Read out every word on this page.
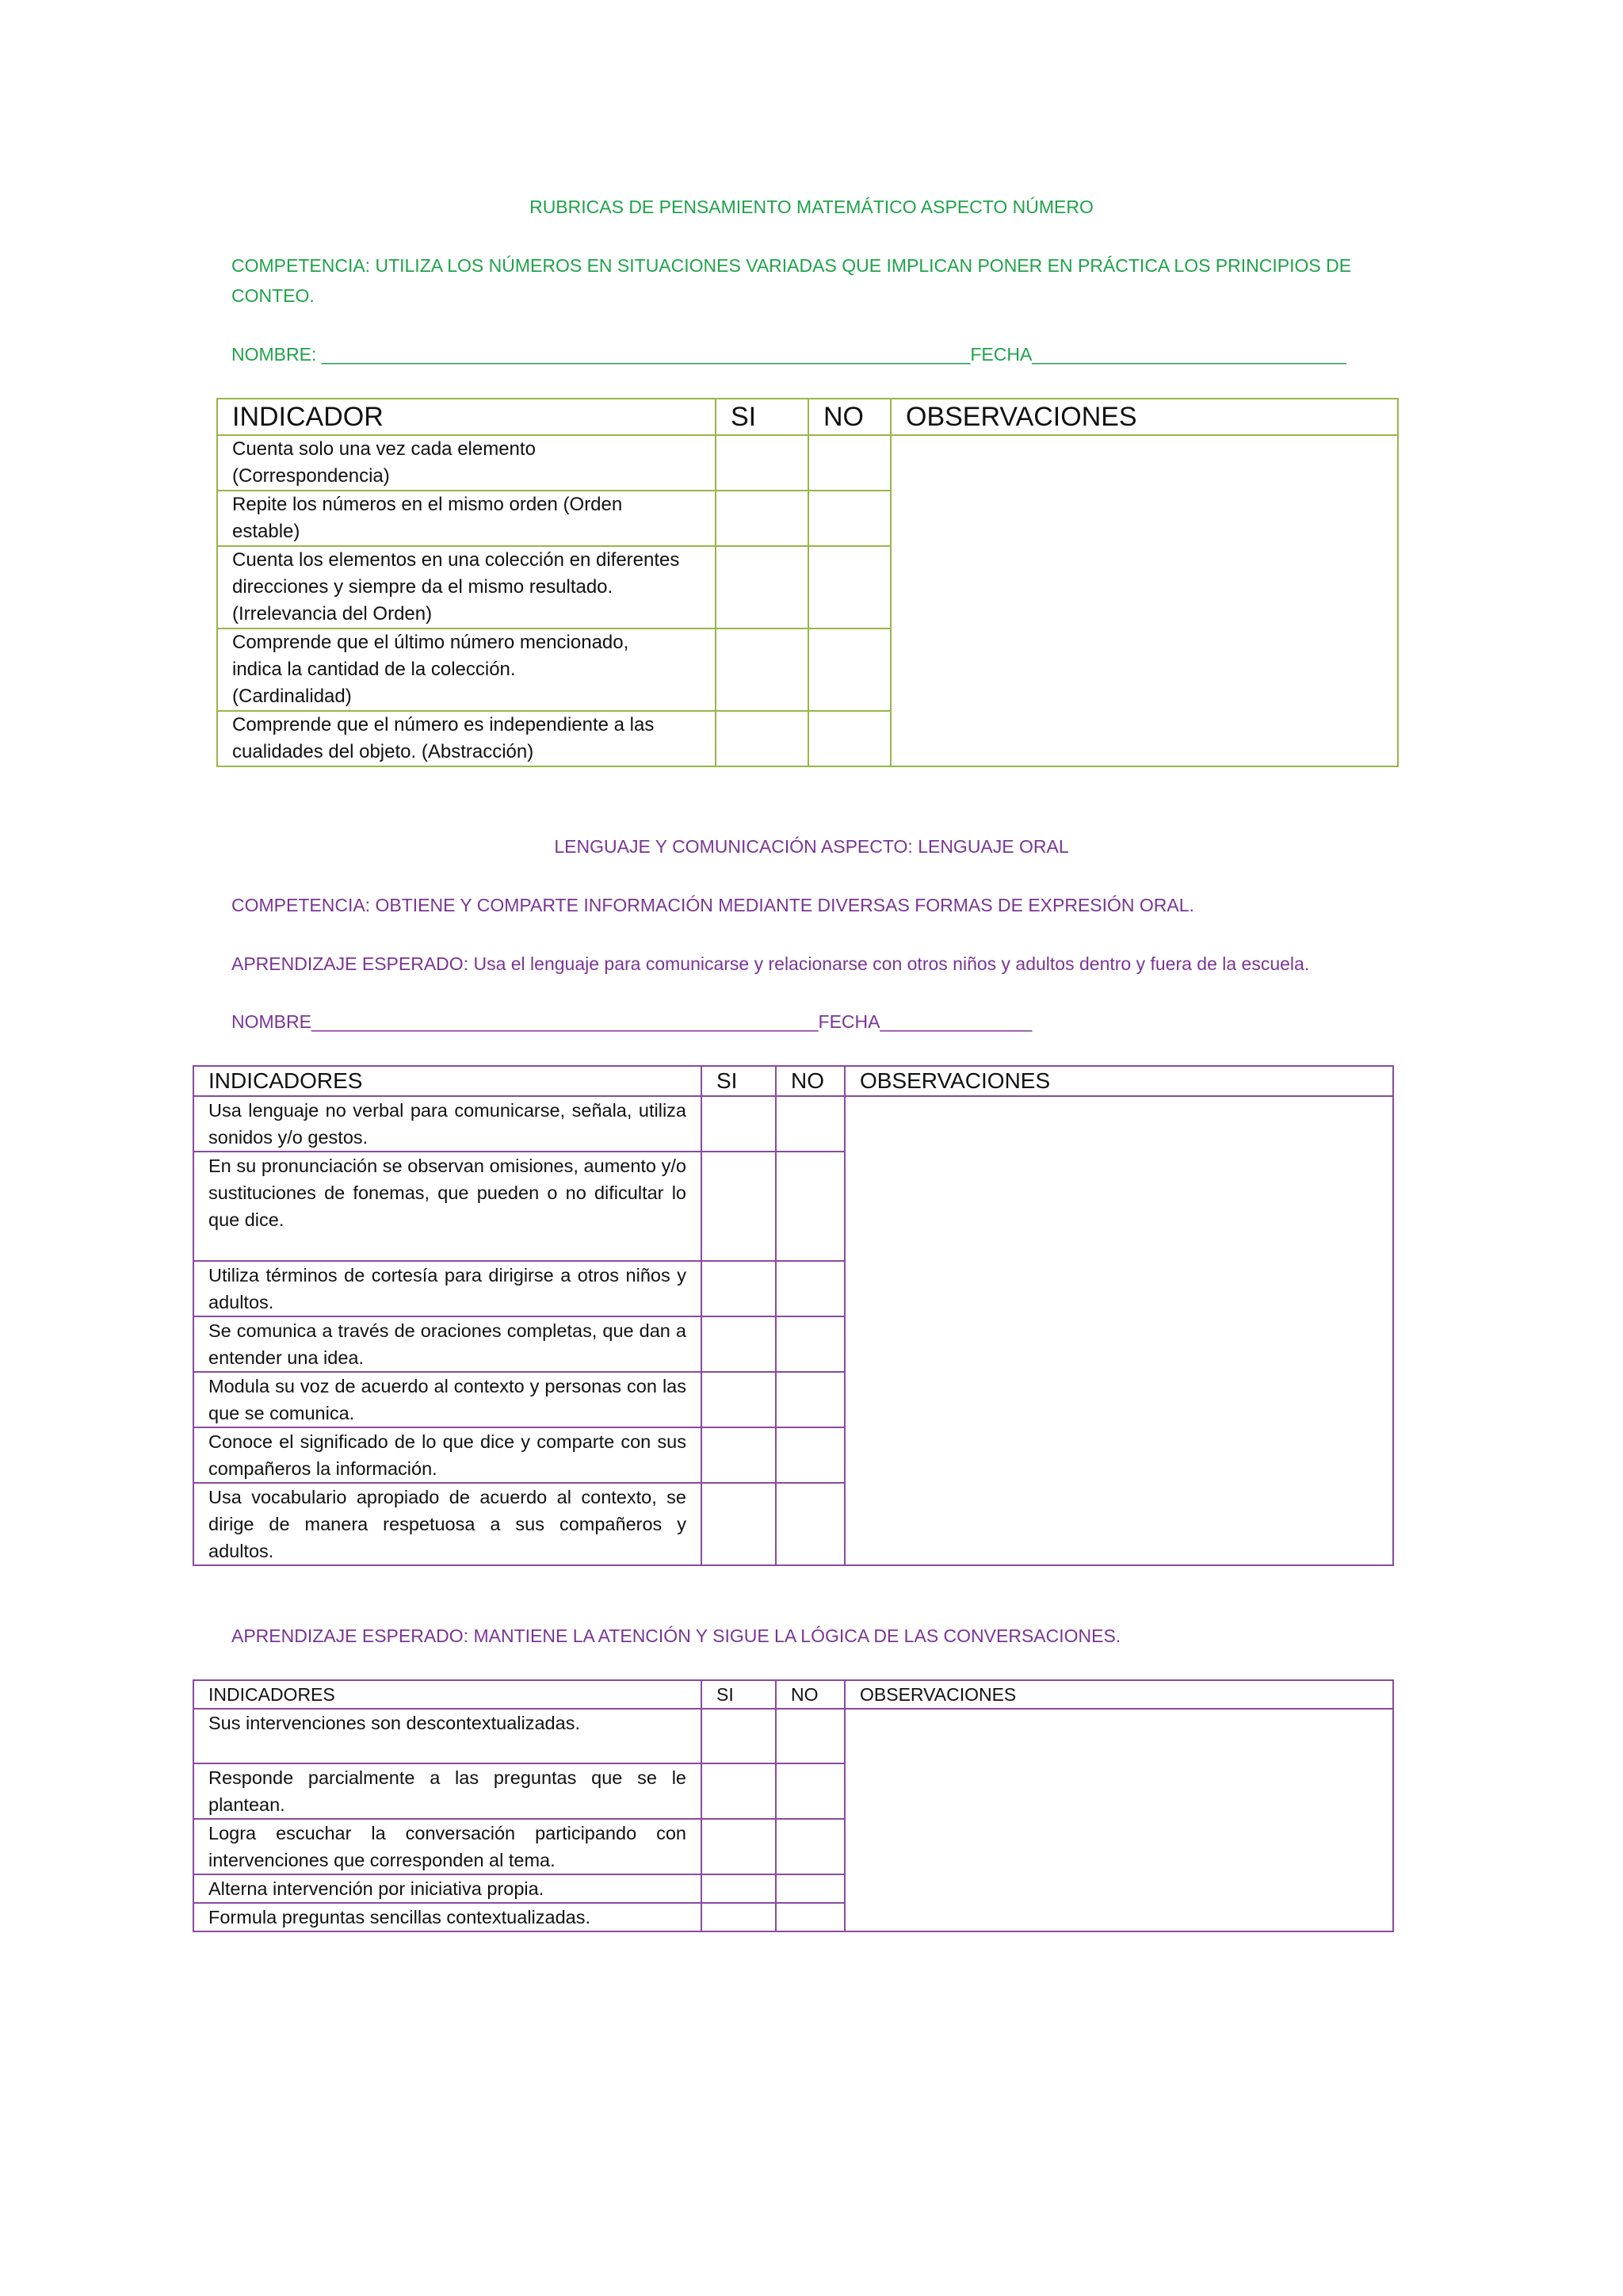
RUBRICAS DE PENSAMIENTO MATEMÁTICO ASPECTO NÚMERO
COMPETENCIA: UTILIZA LOS NÚMEROS EN SITUACIONES VARIADAS QUE IMPLICAN PONER EN PRÁCTICA LOS PRINCIPIOS DE
CONTEO.
NOMBRE: ________________________________________________________________FECHA_______________________________
INDICADOR	SI	NO	OBSERVACIONES

Cuenta solo una vez cada elemento
(Correspondencia)			

Repite los números en el mismo orden (Orden
estable)			

Cuenta los elementos en una colección en diferentes
direcciones y siempre da el mismo resultado.
(Irrelevancia del Orden)			

Comprende que el último número mencionado,
indica la cantidad de la colección.
(Cardinalidad)			

Comprende que el número es independiente a las
cualidades del objeto. (Abstracción)			

LENGUAJE Y COMUNICACIÓN ASPECTO: LENGUAJE ORAL
COMPETENCIA: OBTIENE Y COMPARTE INFORMACIÓN MEDIANTE DIVERSAS FORMAS DE EXPRESIÓN ORAL.
APRENDIZAJE ESPERADO: Usa el lenguaje para comunicarse y relacionarse con otros niños y adultos dentro y fuera de la escuela.
NOMBRE__________________________________________________FECHA_______________
INDICADORES	SI	NO	OBSERVACIONES
Usa lenguaje no verbal para comunicarse, señala, utiliza sonidos y/o gestos.			
En su pronunciación se observan omisiones, aumento y/o sustituciones de fonemas, que pueden o no dificultar lo que dice.			
Utiliza términos de cortesía para dirigirse a otros niños y adultos.			
Se comunica a través de oraciones completas, que dan a entender una idea.			
Modula su voz de acuerdo al contexto y personas con las que se comunica.			
Conoce el significado de lo que dice y comparte con sus compañeros la información.			
Usa vocabulario apropiado de acuerdo al contexto, se dirige de manera respetuosa a sus compañeros y adultos.			
APRENDIZAJE ESPERADO: MANTIENE LA ATENCIÓN Y SIGUE LA LÓGICA DE LAS CONVERSACIONES.
INDICADORES	SI	NO	OBSERVACIONES
Sus intervenciones son descontextualizadas.			
Responde parcialmente a las preguntas que se le plantean.			
Logra escuchar la conversación participando con intervenciones que corresponden al tema.			
Alterna intervención por iniciativa propia.			
Formula preguntas sencillas contextualizadas.			
